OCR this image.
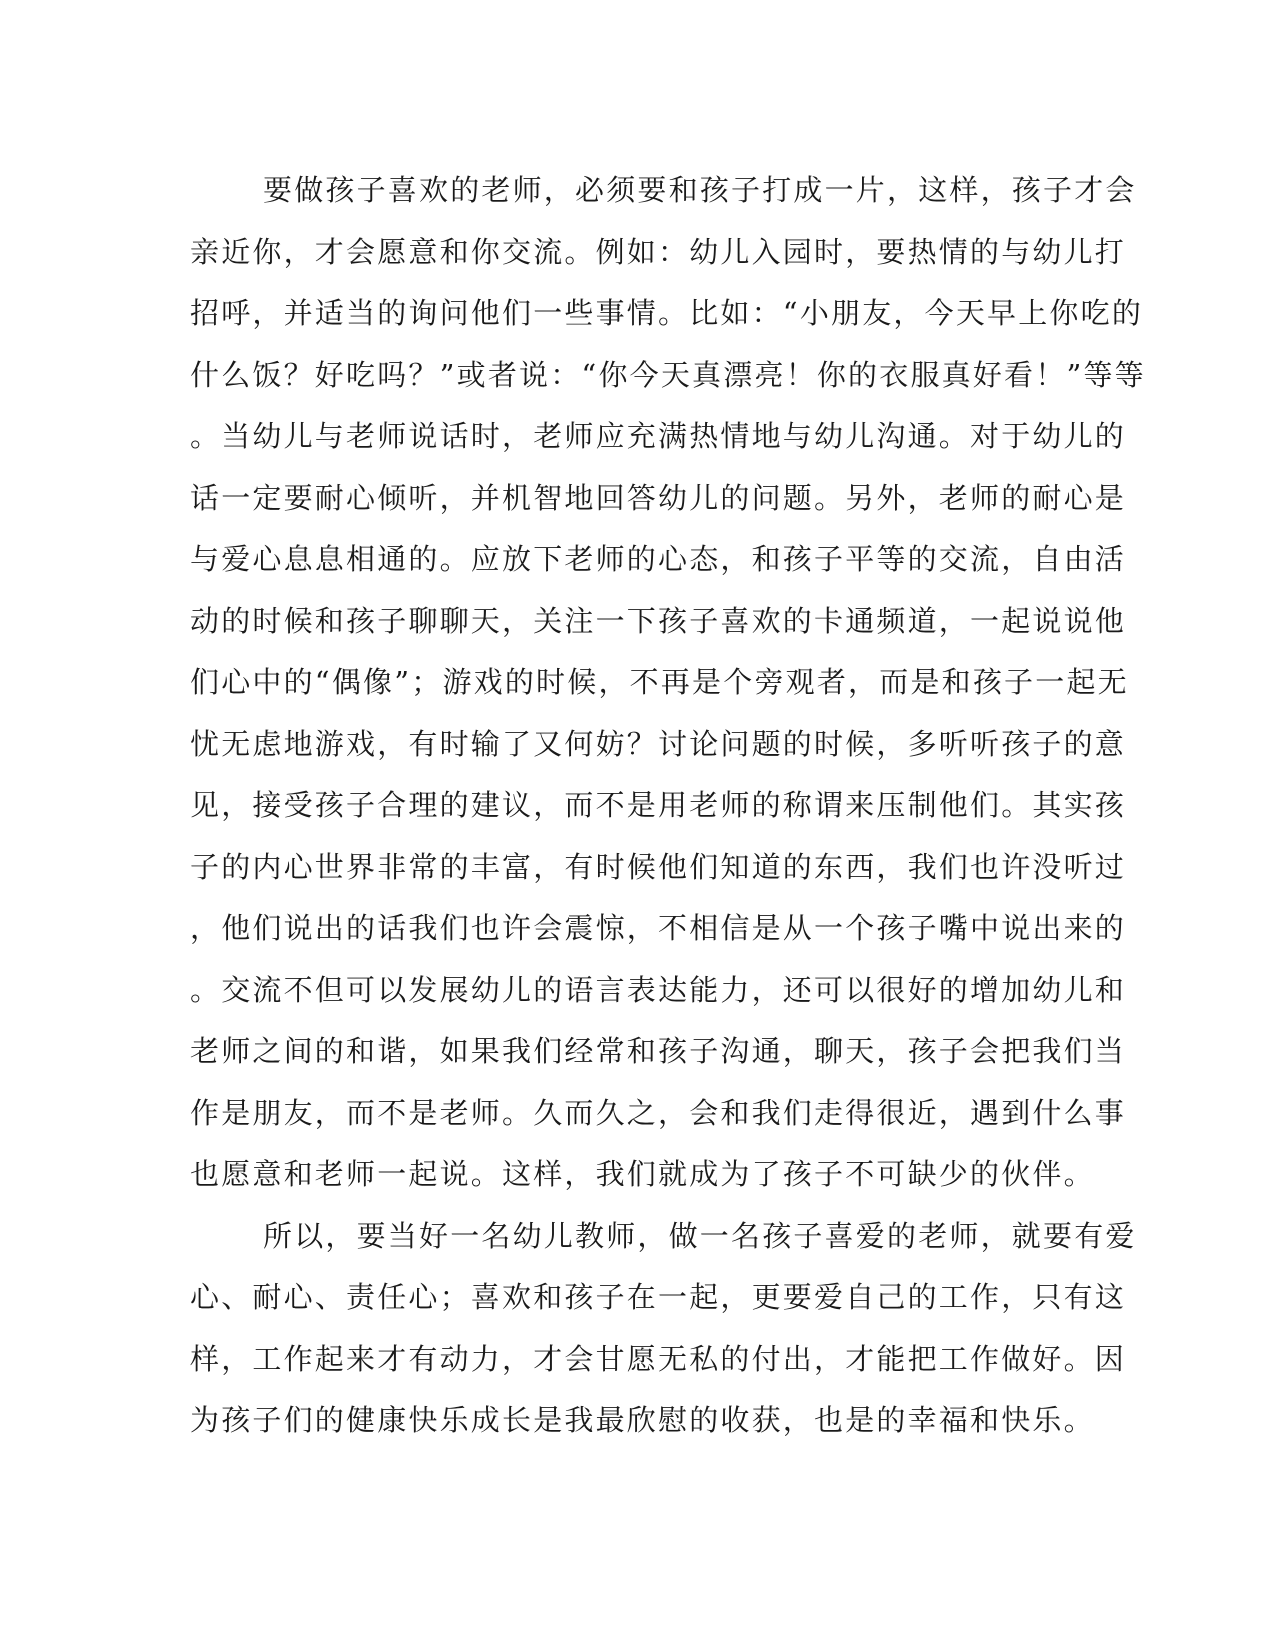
要做孩子喜欢的老师，必须要和孩子打成一片，这样，孩子才会
亲近你，才会愿意和你交流。例如：幼儿入园时，要热情的与幼儿打
招呼，并适当的询问他们一些事情。比如：“小朋友，今天早上你吃的
什么饭？好吃吗？”或者说：“你今天真漂亮！你的衣服真好看！”等等
。当幼儿与老师说话时，老师应充满热情地与幼儿沟通。对于幼儿的
话一定要耐心倾听，并机智地回答幼儿的问题。另外，老师的耐心是
与爱心息息相通的。应放下老师的心态，和孩子平等的交流，自由活
动的时候和孩子聊聊天，关注一下孩子喜欢的卡通频道，一起说说他
们心中的“偶像”；游戏的时候，不再是个旁观者，而是和孩子一起无
忧无虑地游戏，有时输了又何妨？讨论问题的时候，多听听孩子的意
见，接受孩子合理的建议，而不是用老师的称谓来压制他们。其实孩
子的内心世界非常的丰富，有时候他们知道的东西，我们也许没听过
，他们说出的话我们也许会震惊，不相信是从一个孩子嘴中说出来的
。交流不但可以发展幼儿的语言表达能力，还可以很好的增加幼儿和
老师之间的和谐，如果我们经常和孩子沟通，聊天，孩子会把我们当
作是朋友，而不是老师。久而久之，会和我们走得很近，遇到什么事
也愿意和老师一起说。这样，我们就成为了孩子不可缺少的伙伴。
所以，要当好一名幼儿教师，做一名孩子喜爱的老师，就要有爱
心、耐心、责任心；喜欢和孩子在一起，更要爱自己的工作，只有这
样，工作起来才有动力，才会甘愿无私的付出，才能把工作做好。因
为孩子们的健康快乐成长是我最欣慰的收获，也是的幸福和快乐。
